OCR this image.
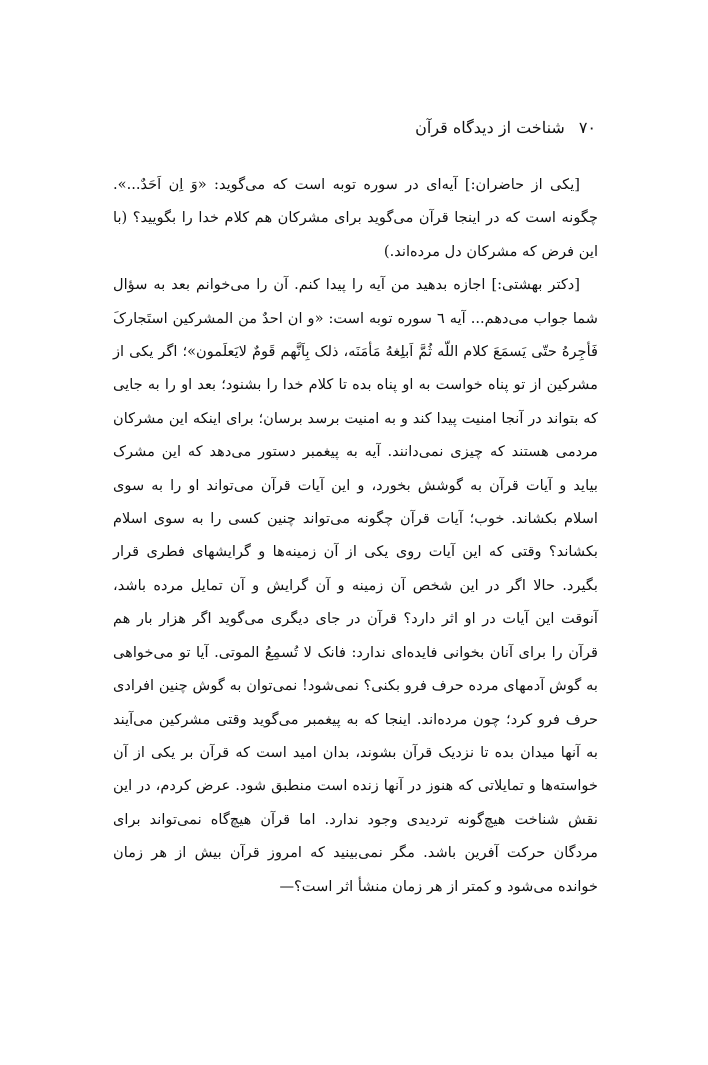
۷۰شناخت از دیدگاه قرآن

[یکی از حاضران:] آیه‌ای در سوره توبه است که می‌گوید: «وَ اِن اَحَدٌ...». چگونه است که در اینجا قرآن می‌گوید برای مشرکان هم کلام خدا را بگویید؟ (با این فرض که مشرکان دل مرده‌اند.)

[دکتر بهشتی:] اجازه بدهید من آیه را پیدا کنم. آن را می‌خوانم بعد به سؤال شما جواب می‌دهم... آیه ٦ سوره توبه است: «و ان احدٌ من المشرکین استَجارکَ فَأجِرهُ حتّی یَسمَعَ کلام اللّه ثُمَّ اَبلِغهُ مَأمَنَه، ذلک بِاَنَّهم قَومٌ لایَعلَمون»؛ اگر یکی از مشرکین از تو پناه خواست به او پناه بده تا کلام خدا را بشنود؛ بعد او را به جایی که بتواند در آنجا امنیت پیدا کند و به امنیت برسد برسان؛ برای اینکه این مشرکان مردمی هستند که چیزی نمی‌دانند. آیه به پیغمبر دستور می‌دهد که این مشرک بیاید و آیات قرآن به گوشش بخورد، و این آیات قرآن می‌تواند او را به سوی اسلام بکشاند. خوب؛ آیات قرآن چگونه می‌تواند چنین کسی را به سوی اسلام بکشاند؟ وقتی که این آیات روی یکی از آن زمینه‌ها و گرایشهای فطری قرار بگیرد. حالا اگر در این شخص آن زمینه و آن گرایش و آن تمایل مرده باشد، آنوقت این آیات در او اثر دارد؟ قرآن در جای دیگری می‌گوید اگر هزار بار هم قرآن را برای آنان بخوانی فایده‌ای ندارد: فانک لا تُسمِعُ الموتی. آیا تو می‌خواهی به گوش آدمهای مرده حرف فرو بکنی؟ نمی‌شود! نمی‌توان به گوش چنین افرادی حرف فرو کرد؛ چون مرده‌اند. اینجا که به پیغمبر می‌گوید وقتی مشرکین می‌آیند به آنها میدان بده تا نزدیک قرآن بشوند، بدان امید است که قرآن بر یکی از آن خواسته‌ها و تمایلاتی که هنوز در آنها زنده است منطبق شود. عرض کردم، در این نقش شناخت هیچ‌گونه تردیدی وجود ندارد. اما قرآن هیچ‌گاه نمی‌تواند برای مردگان حرکت آفرین باشد. مگر نمی‌بینید که امروز قرآن بیش از هر زمان خوانده می‌شود و کمتر از هر زمان منشأ اثر است؟—
